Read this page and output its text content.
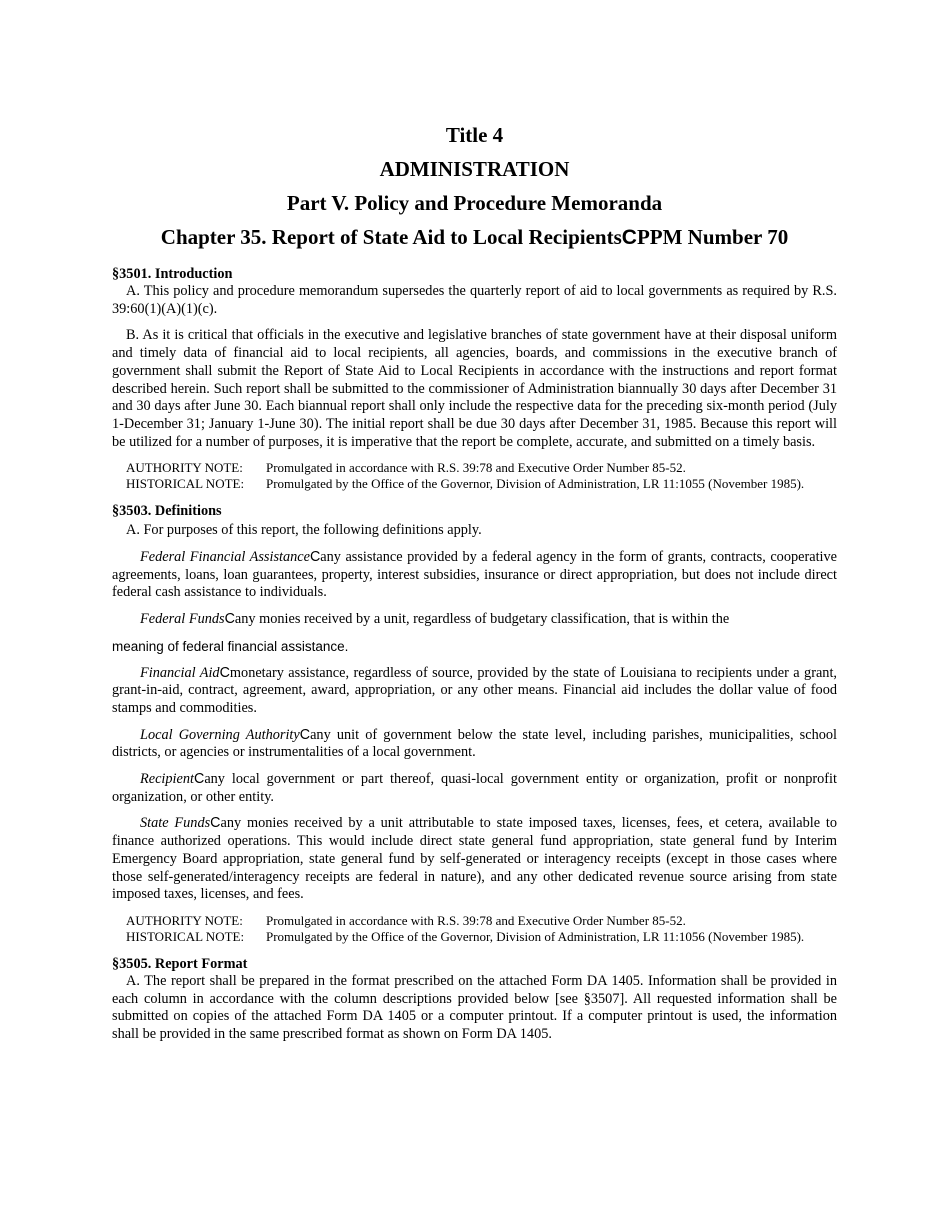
Title 4
ADMINISTRATION
Part V. Policy and Procedure Memoranda
Chapter 35. Report of State Aid to Local RecipientsCPPM Number 70
§3501. Introduction

A. This policy and procedure memorandum supersedes the quarterly report of aid to local governments as required by R.S. 39:60(1)(A)(1)(c).

B. As it is critical that officials in the executive and legislative branches of state government have at their disposal uniform and timely data of financial aid to local recipients, all agencies, boards, and commissions in the executive branch of government shall submit the Report of State Aid to Local Recipients in accordance with the instructions and report format described herein. Such report shall be submitted to the commissioner of Administration biannually 30 days after December 31 and 30 days after June 30. Each biannual report shall only include the respective data for the preceding six-month period (July 1-December 31; January 1-June 30). The initial report shall be due 30 days after December 31, 1985. Because this report will be utilized for a number of purposes, it is imperative that the report be complete, accurate, and submitted on a timely basis.

AUTHORITY NOTE: Promulgated in accordance with R.S. 39:78 and Executive Order Number 85-52.

HISTORICAL NOTE: Promulgated by the Office of the Governor, Division of Administration, LR 11:1055 (November 1985).

§3503. Definitions

A. For purposes of this report, the following definitions apply.

Federal Financial AssistanceCany assistance provided by a federal agency in the form of grants, contracts, cooperative agreements, loans, loan guarantees, property, interest subsidies, insurance or direct appropriation, but does not include direct federal cash assistance to individuals.

Federal FundsCany monies received by a unit, regardless of budgetary classification, that is within the

meaning of federal financial assistance.

Financial AidCmonetary assistance, regardless of source, provided by the state of Louisiana to recipients under a grant, grant-in-aid, contract, agreement, award, appropriation, or any other means. Financial aid includes the dollar value of food stamps and commodities.

Local Governing AuthorityCany unit of government below the state level, including parishes, municipalities, school districts, or agencies or instrumentalities of a local government.

RecipientCany local government or part thereof, quasi-local government entity or organization, profit or nonprofit organization, or other entity.

State FundsCany monies received by a unit attributable to state imposed taxes, licenses, fees, et cetera, available to finance authorized operations. This would include direct state general fund appropriation, state general fund by Interim Emergency Board appropriation, state general fund by self-generated or interagency receipts (except in those cases where those self-generated/interagency receipts are federal in nature), and any other dedicated revenue source arising from state imposed taxes, licenses, and fees.

AUTHORITY NOTE: Promulgated in accordance with R.S. 39:78 and Executive Order Number 85-52.

HISTORICAL NOTE: Promulgated by the Office of the Governor, Division of Administration, LR 11:1056 (November 1985).

§3505. Report Format

A. The report shall be prepared in the format prescribed on the attached Form DA 1405. Information shall be provided in each column in accordance with the column descriptions provided below [see §3507]. All requested information shall be submitted on copies of the attached Form DA 1405 or a computer printout. If a computer printout is used, the information shall be provided in the same prescribed format as shown on Form DA 1405.
